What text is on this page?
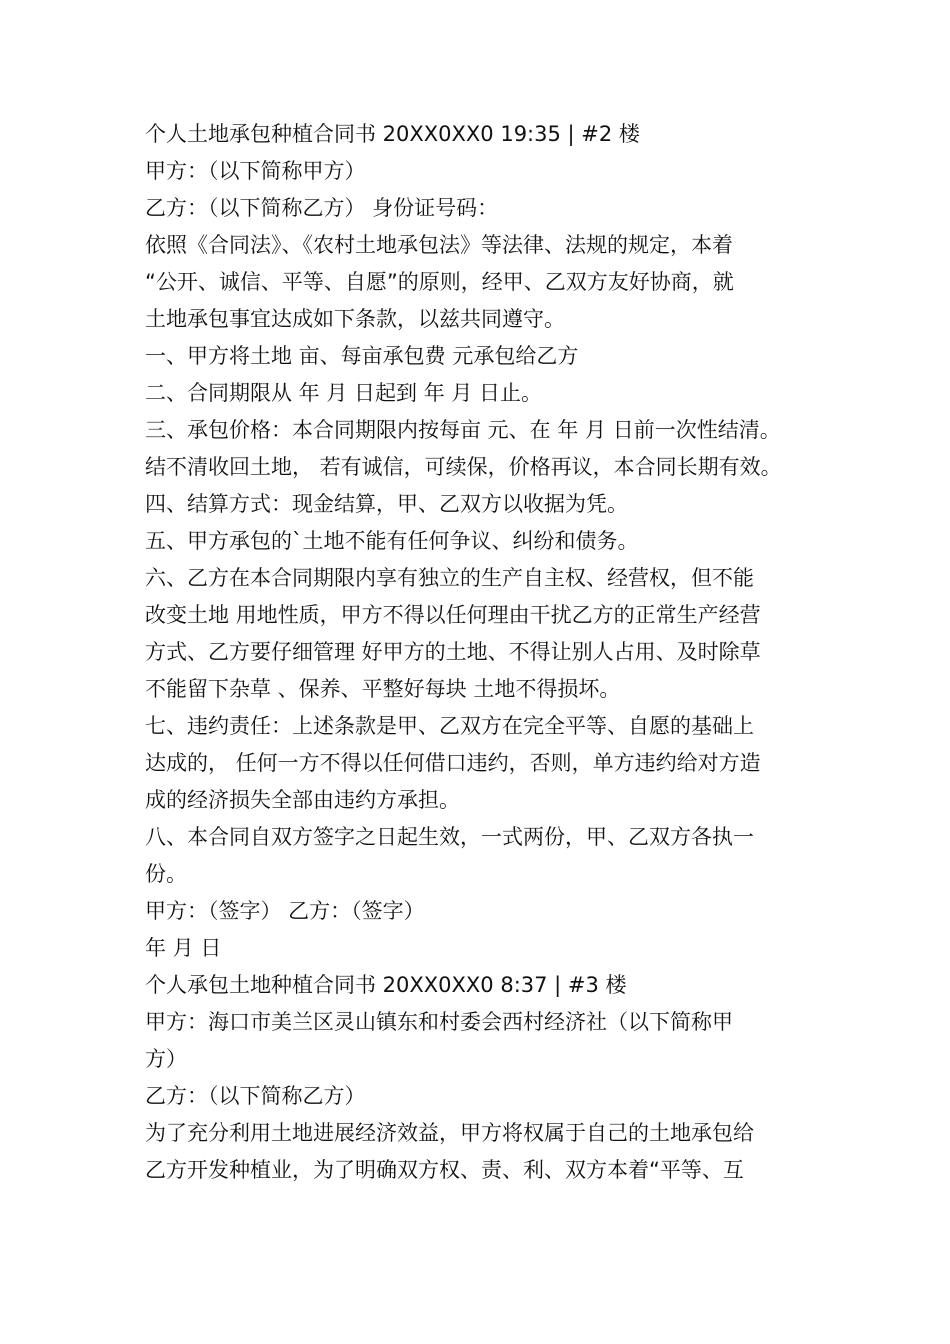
个人土地承包种植合同书 20XX0XX0 19:35 | #2 楼

甲方：（以下简称甲方）

乙方：（以下简称乙方） 身份证号码：

依照《合同法》、《农村土地承包法》等法律、法规的规定，本着

“公开、诚信、平等、自愿”的原则，经甲、乙双方友好协商，就

土地承包事宜达成如下条款，以兹共同遵守。

一、甲方将土地 亩、每亩承包费 元承包给乙方

二、合同期限从 年 月 日起到 年 月 日止。

三、承包价格：本合同期限内按每亩 元、在 年 月 日前一次性结清。

结不清收回土地， 若有诚信，可续保，价格再议，本合同长期有效。

四、结算方式：现金结算，甲、乙双方以收据为凭。

五、甲方承包的`土地不能有任何争议、纠纷和债务。

六、乙方在本合同期限内享有独立的生产自主权、经营权，但不能

改变土地 用地性质，甲方不得以任何理由干扰乙方的正常生产经营

方式、乙方要仔细管理 好甲方的土地、不得让别人占用、及时除草

不能留下杂草 、保养、平整好每块 土地不得损坏。

七、违约责任：上述条款是甲、乙双方在完全平等、自愿的基础上

达成的， 任何一方不得以任何借口违约，否则，单方违约给对方造

成的经济损失全部由违约方承担。

八、本合同自双方签字之日起生效，一式两份，甲、乙双方各执一

份。

甲方：（签字） 乙方：（签字）

年 月 日

个人承包土地种植合同书 20XX0XX0 8:37 | #3 楼

甲方：海口市美兰区灵山镇东和村委会西村经济社（以下简称甲

方）

乙方：（以下简称乙方）

为了充分利用土地进展经济效益，甲方将权属于自己的土地承包给

乙方开发种植业，为了明确双方权、责、利、双方本着“平等、互
